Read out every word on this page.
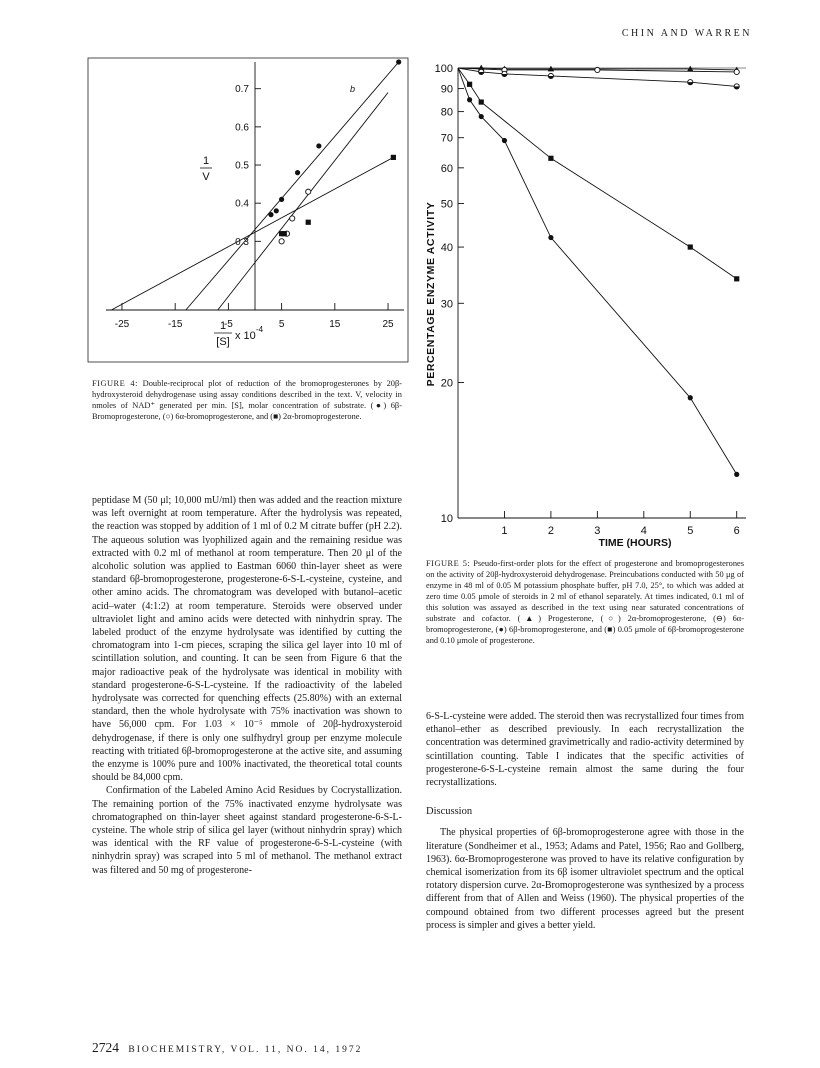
CHIN AND WARREN
0.3
0.4
0.5
0.6
0.7
-25	-15	-5	5	15	25
1
V
b
1
[S] x 10
-4
FIGURE 4: Double-reciprocal plot of reduction of the bromoprogesterones by 20β-hydroxysteroid dehydrogenase using assay conditions described in the text. V, velocity in nmoles of NAD⁺ generated per min. [S], molar concentration of substrate. (●) 6β-Bromoprogesterone, (○) 6α-bromoprogesterone, and (■) 2α-bromoprogesterone.
10
20
30
40
50
60
70
80
90
100
1	2	3	4	5	6
PERCENTAGE ENZYME ACTIVITY
TIME (HOURS)
FIGURE 5: Pseudo-first-order plots for the effect of progesterone and bromoprogesterones on the activity of 20β-hydroxysteroid dehydrogenase. Preincubations conducted with 50 μg of enzyme in 48 ml of 0.05 M potassium phosphate buffer, pH 7.0, 25°, to which was added at zero time 0.05 μmole of steroids in 2 ml of ethanol separately. At times indicated, 0.1 ml of this solution was assayed as described in the text using near saturated concentrations of substrate and cofactor. (▲) Progesterone, (○) 2α-bromoprogesterone, (⊖) 6α-bromoprogesterone, (●) 6β-bromoprogesterone, and (■) 0.05 μmole of 6β-bromoprogesterone and 0.10 μmole of progesterone.

peptidase M (50 μl; 10,000 mU/ml) then was added and the reaction mixture was left overnight at room temperature. After the hydrolysis was repeated, the reaction was stopped by addition of 1 ml of 0.2 M citrate buffer (pH 2.2). The aqueous solution was lyophilized again and the remaining residue was extracted with 0.2 ml of methanol at room temperature. Then 20 μl of the alcoholic solution was applied to Eastman 6060 thin-layer sheet as were standard 6β-bromoprogesterone, progesterone-6-S-L-cysteine, cysteine, and other amino acids. The chromatogram was developed with butanol–acetic acid–water (4:1:2) at room temperature. Steroids were observed under ultraviolet light and amino acids were detected with ninhydrin spray. The labeled product of the enzyme hydrolysate was identified by cutting the chromatogram into 1-cm pieces, scraping the silica gel layer into 10 ml of scintillation solution, and counting. It can be seen from Figure 6 that the major radioactive peak of the hydrolysate was identical in mobility with standard progesterone-6-S-L-cysteine. If the radioactivity of the labeled hydrolysate was corrected for quenching effects (25.80%) with an external standard, then the whole hydrolysate with 75% inactivation was shown to have 56,000 cpm. For 1.03 × 10⁻⁵ mmole of 20β-hydroxysteroid dehydrogenase, if there is only one sulfhydryl group per enzyme molecule reacting with tritiated 6β-bromoprogesterone at the active site, and assuming the enzyme is 100% pure and 100% inactivated, the theoretical total counts should be 84,000 cpm.

Confirmation of the Labeled Amino Acid Residues by Cocrystallization. The remaining portion of the 75% inactivated enzyme hydrolysate was chromatographed on thin-layer sheet against standard progesterone-6-S-L-cysteine. The whole strip of silica gel layer (without ninhydrin spray) which was identical with the RF value of progesterone-6-S-L-cysteine (with ninhydrin spray) was scraped into 5 ml of methanol. The methanol extract was filtered and 50 mg of progesterone-

6-S-L-cysteine were added. The steroid then was recrystallized four times from ethanol–ether as described previously. In each recrystallization the concentration was determined gravimetrically and radio-activity determined by scintillation counting. Table I indicates that the specific activities of progesterone-6-S-L-cysteine remain almost the same during the four recrystallizations.

Discussion

The physical properties of 6β-bromoprogesterone agree with those in the literature (Sondheimer et al., 1953; Adams and Patel, 1956; Rao and Gollberg, 1963). 6α-Bromoprogesterone was proved to have its relative configuration by chemical isomerization from its 6β isomer ultraviolet spectrum and the optical rotatory dispersion curve. 2α-Bromoprogesterone was synthesized by a process different from that of Allen and Weiss (1960). The physical properties of the compound obtained from two different processes agreed but the present process is simpler and gives a better yield.

2724 BIOCHEMISTRY, VOL. 11, NO. 14, 1972
